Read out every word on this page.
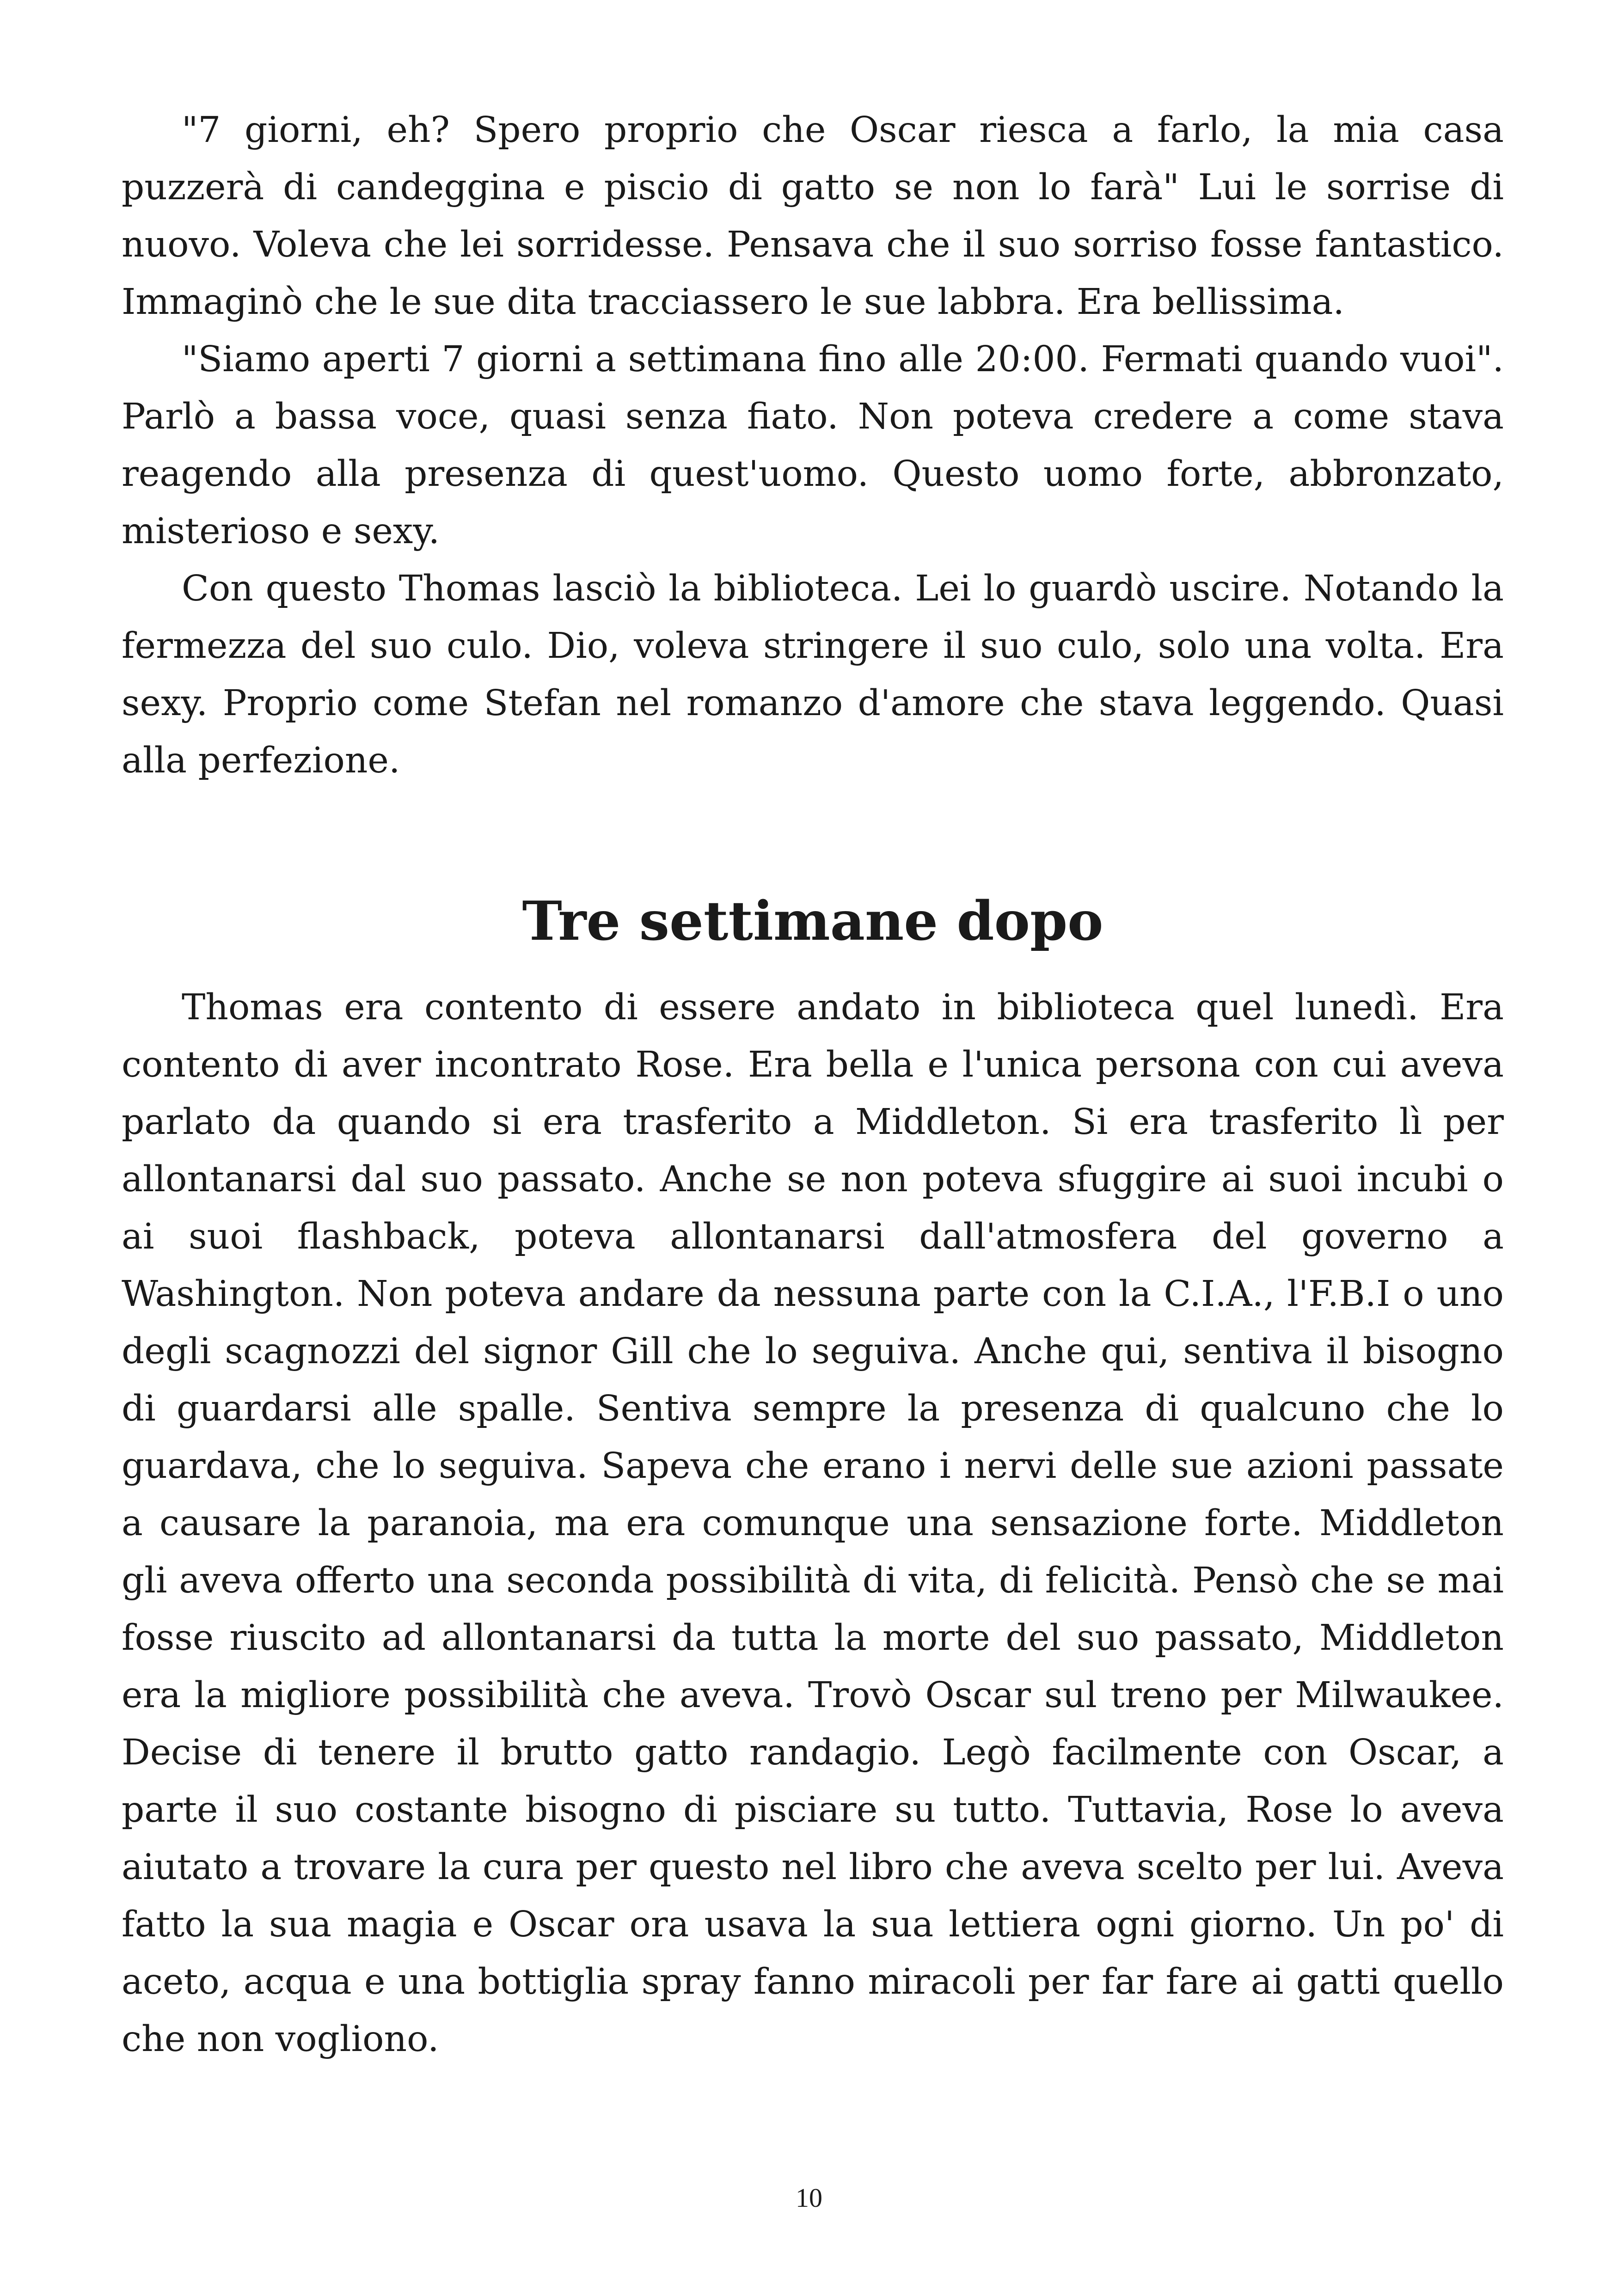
"7 giorni, eh? Spero proprio che Oscar riesca a farlo, la mia casa puzzerà di candeggina e piscio di gatto se non lo farà" Lui le sorrise di nuovo. Voleva che lei sorridesse. Pensava che il suo sorriso fosse fantastico. Immaginò che le sue dita tracciassero le sue labbra. Era bellissima.

"Siamo aperti 7 giorni a settimana fino alle 20:00. Fermati quando vuoi". Parlò a bassa voce, quasi senza fiato. Non poteva credere a come stava reagendo alla presenza di quest'uomo. Questo uomo forte, abbronzato, misterioso e sexy.

Con questo Thomas lasciò la biblioteca. Lei lo guardò uscire. Notando la fermezza del suo culo. Dio, voleva stringere il suo culo, solo una volta. Era sexy. Proprio come Stefan nel romanzo d'amore che stava leggendo. Quasi alla perfezione.

Tre settimane dopo

Thomas era contento di essere andato in biblioteca quel lunedì. Era contento di aver incontrato Rose. Era bella e l'unica persona con cui aveva parlato da quando si era trasferito a Middleton. Si era trasferito lì per allontanarsi dal suo passato. Anche se non poteva sfuggire ai suoi incubi o ai suoi flashback, poteva allontanarsi dall'atmosfera del governo a Washington. Non poteva andare da nessuna parte con la C.I.A., l'F.B.I o uno degli scagnozzi del signor Gill che lo seguiva. Anche qui, sentiva il bisogno di guardarsi alle spalle. Sentiva sempre la presenza di qualcuno che lo guardava, che lo seguiva. Sapeva che erano i nervi delle sue azioni passate a causare la paranoia, ma era comunque una sensazione forte. Middleton gli aveva offerto una seconda possibilità di vita, di felicità. Pensò che se mai fosse riuscito ad allontanarsi da tutta la morte del suo passato, Middleton era la migliore possibilità che aveva. Trovò Oscar sul treno per Milwaukee. Decise di tenere il brutto gatto randagio. Legò facilmente con Oscar, a parte il suo costante bisogno di pisciare su tutto. Tuttavia, Rose lo aveva aiutato a trovare la cura per questo nel libro che aveva scelto per lui. Aveva fatto la sua magia e Oscar ora usava la sua lettiera ogni giorno. Un po' di aceto, acqua e una bottiglia spray fanno miracoli per far fare ai gatti quello che non vogliono.

10
